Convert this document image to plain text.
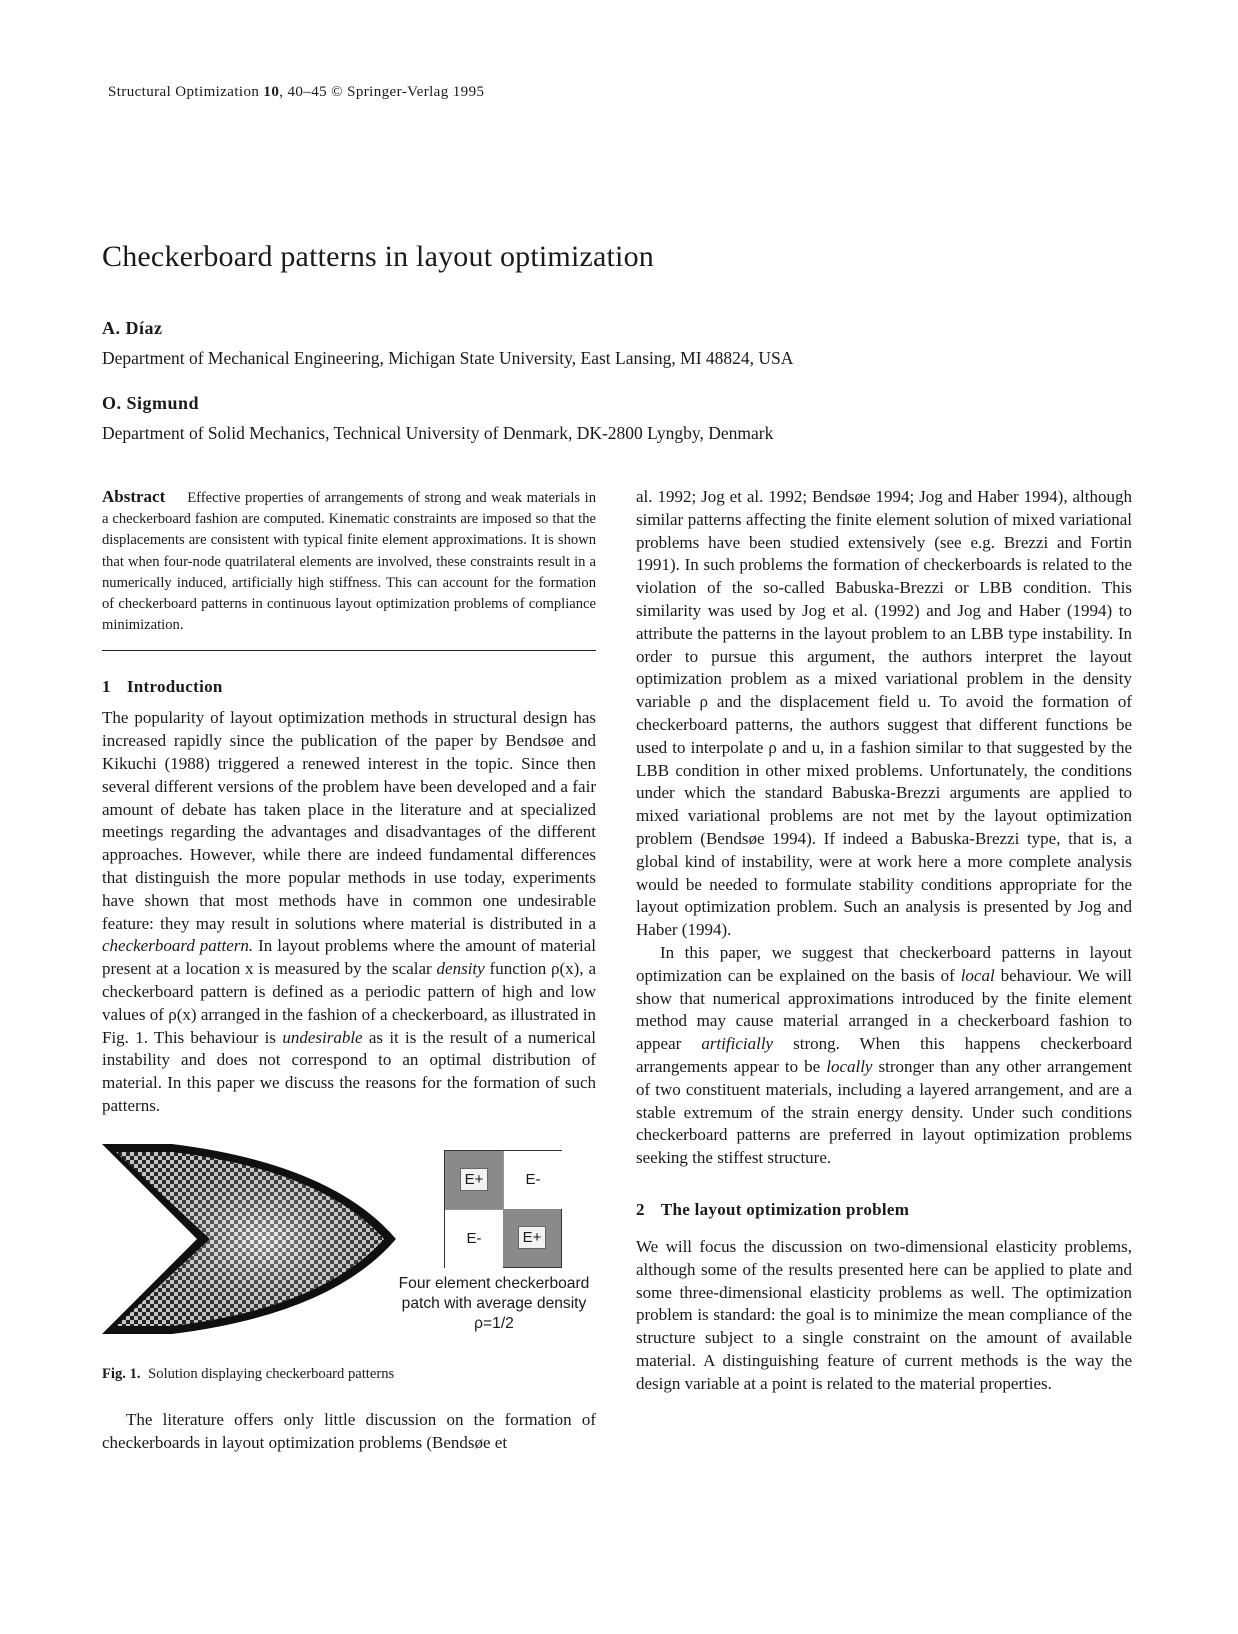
Structural Optimization 10, 40–45 © Springer-Verlag 1995
Checkerboard patterns in layout optimization
A. Díaz
Department of Mechanical Engineering, Michigan State University, East Lansing, MI 48824, USA
O. Sigmund
Department of Solid Mechanics, Technical University of Denmark, DK-2800 Lyngby, Denmark

Abstract Effective properties of arrangements of strong and weak materials in a checkerboard fashion are computed. Kinematic constraints are imposed so that the displacements are consistent with typical finite element approximations. It is shown that when four-node quatrilateral elements are involved, these constraints result in a numerically induced, artificially high stiffness. This can account for the formation of checkerboard patterns in continuous layout optimization problems of compliance minimization.

1 Introduction

The popularity of layout optimization methods in structural design has increased rapidly since the publication of the paper by Bendsøe and Kikuchi (1988) triggered a renewed interest in the topic. Since then several different versions of the problem have been developed and a fair amount of debate has taken place in the literature and at specialized meetings regarding the advantages and disadvantages of the different approaches. However, while there are indeed fundamental differences that distinguish the more popular methods in use today, experiments have shown that most methods have in common one undesirable feature: they may result in solutions where material is distributed in a checkerboard pattern. In layout problems where the amount of material present at a location x is measured by the scalar density function ρ(x), a checkerboard pattern is defined as a periodic pattern of high and low values of ρ(x) arranged in the fashion of a checkerboard, as illustrated in Fig. 1. This behaviour is undesirable as it is the result of a numerical instability and does not correspond to an optimal distribution of material. In this paper we discuss the reasons for the formation of such patterns.

E+	E-
E-	E+
Four element checkerboard
patch with average density
ρ=1/2

Fig. 1. Solution displaying checkerboard patterns

The literature offers only little discussion on the formation of checkerboards in layout optimization problems (Bendsøe et

al. 1992; Jog et al. 1992; Bendsøe 1994; Jog and Haber 1994), although similar patterns affecting the finite element solution of mixed variational problems have been studied extensively (see e.g. Brezzi and Fortin 1991). In such problems the formation of checkerboards is related to the violation of the so-called Babuska-Brezzi or LBB condition. This similarity was used by Jog et al. (1992) and Jog and Haber (1994) to attribute the patterns in the layout problem to an LBB type instability. In order to pursue this argument, the authors interpret the layout optimization problem as a mixed variational problem in the density variable ρ and the displacement field u. To avoid the formation of checkerboard patterns, the authors suggest that different functions be used to interpolate ρ and u, in a fashion similar to that suggested by the LBB condition in other mixed problems. Unfortunately, the conditions under which the standard Babuska-Brezzi arguments are applied to mixed variational problems are not met by the layout optimization problem (Bendsøe 1994). If indeed a Babuska-Brezzi type, that is, a global kind of instability, were at work here a more complete analysis would be needed to formulate stability conditions appropriate for the layout optimization problem. Such an analysis is presented by Jog and Haber (1994).

In this paper, we suggest that checkerboard patterns in layout optimization can be explained on the basis of local behaviour. We will show that numerical approximations introduced by the finite element method may cause material arranged in a checkerboard fashion to appear artificially strong. When this happens checkerboard arrangements appear to be locally stronger than any other arrangement of two constituent materials, including a layered arrangement, and are a stable extremum of the strain energy density. Under such conditions checkerboard patterns are preferred in layout optimization problems seeking the stiffest structure.

2 The layout optimization problem

We will focus the discussion on two-dimensional elasticity problems, although some of the results presented here can be applied to plate and some three-dimensional elasticity problems as well. The optimization problem is standard: the goal is to minimize the mean compliance of the structure subject to a single constraint on the amount of available material. A distinguishing feature of current methods is the way the design variable at a point is related to the material properties.
